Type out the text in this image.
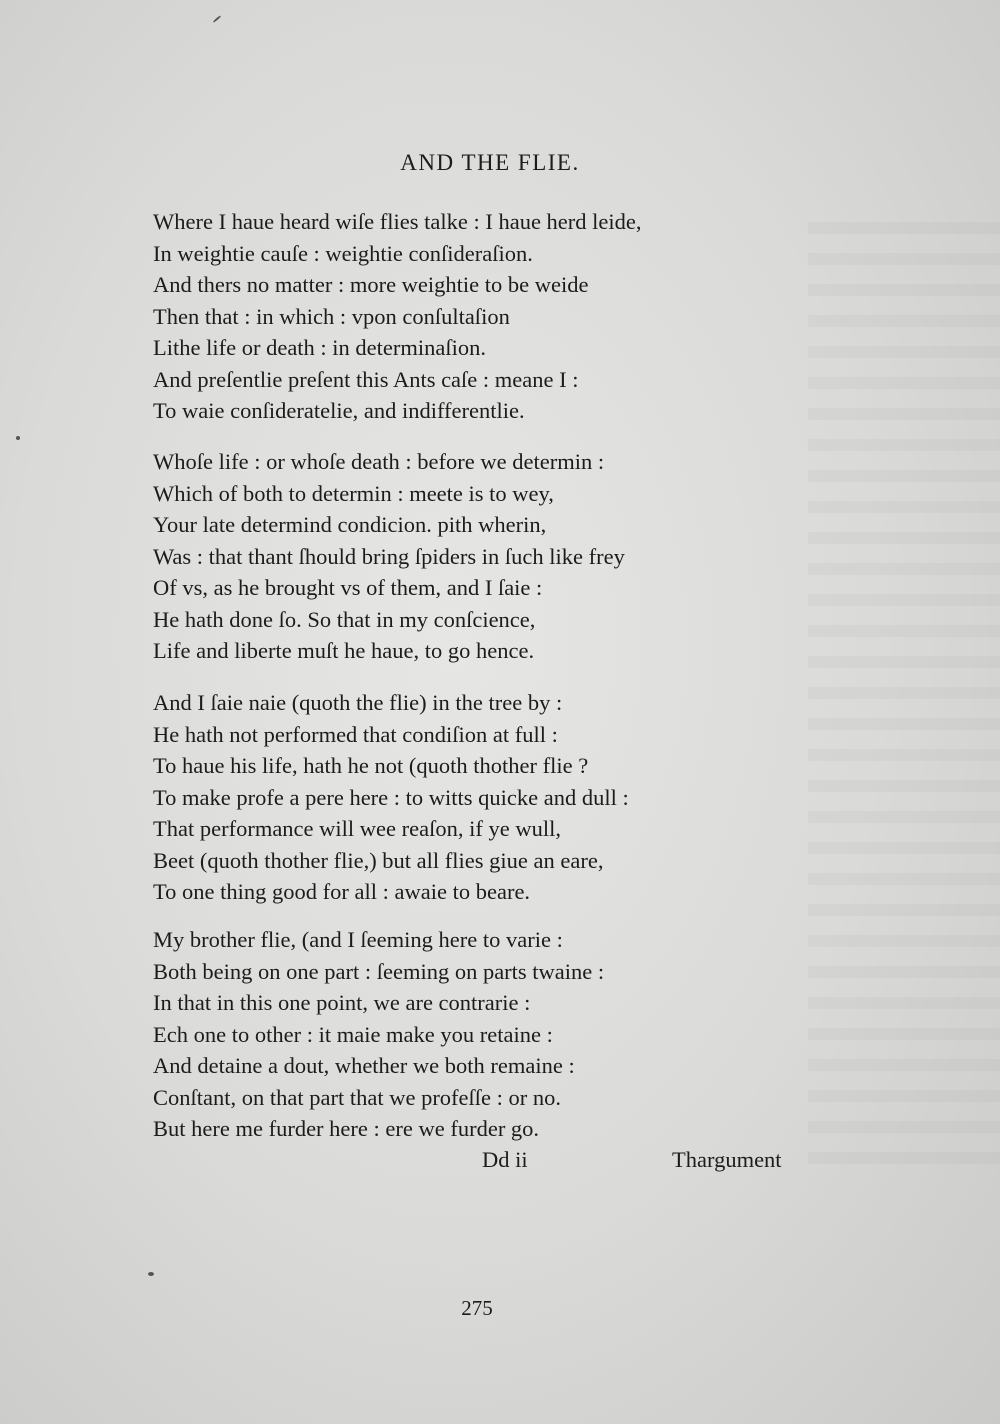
AND THE FLIE.
Where I haue heard wiſe flies talke : I haue herd leide,
In weightie cauſe : weightie conſideraſion.
And thers no matter : more weightie to be weide
Then that : in which : vpon conſultaſion
Lithe life or death : in determinaſion.
And preſentlie preſent this Ants caſe : meane I :
To waie conſideratelie, and indifferentlie.
Whoſe life : or whoſe death : before we determin :
Which of both to determin : meete is to wey,
Your late determind condicion. pith wherin,
Was : that thant ſhould bring ſpiders in ſuch like frey
Of vs, as he brought vs of them, and I ſaie :
He hath done ſo. So that in my conſcience,
Life and liberte muſt he haue, to go hence.
And I ſaie naie (quoth the flie) in the tree by :
He hath not performed that condiſion at full :
To haue his life, hath he not (quoth thother flie ?
To make profe a pere here : to witts quicke and dull :
That performance will wee reaſon, if ye wull,
Beet (quoth thother flie,) but all flies giue an eare,
To one thing good for all : awaie to beare.
My brother flie, (and I ſeeming here to varie :
Both being on one part : ſeeming on parts twaine :
In that in this one point, we are contrarie :
Ech one to other : it maie make you retaine :
And detaine a dout, whether we both remaine :
Conſtant, on that part that we profeſſe : or no.
But here me furder here : ere we furder go.
Dd ii	Thargument
275
